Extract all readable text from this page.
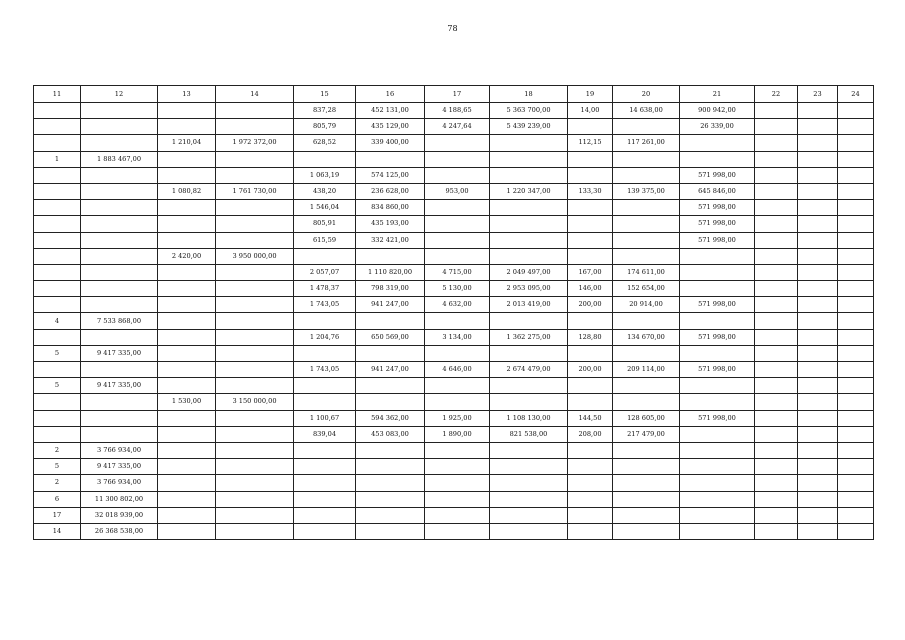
78
11	12	13	14	15	16	17	18	19	20	21	22	23	24
				837,28	452 131,00	4 188,65	5 363 700,00	14,00	14 638,00	900 942,00			
				805,79	435 129,00	4 247,64	5 439 239,00			26 339,00			
		1 210,04	1 972 372,00	628,52	339 400,00			112,15	117 261,00				
1	1 883 467,00												
				1 063,19	574 125,00					571 998,00			
		1 080,82	1 761 730,00	438,20	236 628,00	953,00	1 220 347,00	133,30	139 375,00	645 846,00			
				1 546,04	834 860,00					571 998,00			
				805,91	435 193,00					571 998,00			
				615,59	332 421,00					571 998,00			
		2 420,00	3 950 000,00										
				2 057,07	1 110 820,00	4 715,00	2 049 497,00	167,00	174 611,00				
				1 478,37	798 319,00	5 130,00	2 953 095,00	146,00	152 654,00				
				1 743,05	941 247,00	4 632,00	2 013 419,00	200,00	20 914,00	571 998,00			
4	7 533 868,00												
				1 204,76	650 569,00	3 134,00	1 362 275,00	128,80	134 670,00	571 998,00			
5	9 417 335,00												
				1 743,05	941 247,00	4 646,00	2 674 479,00	200,00	209 114,00	571 998,00			
5	9 417 335,00												
		1 530,00	3 150 000,00										
				1 100,67	594 362,00	1 925,00	1 108 130,00	144,50	128 605,00	571 998,00			
				839,04	453 083,00	1 890,00	821 538,00	208,00	217 479,00				
2	3 766 934,00												
5	9 417 335,00												
2	3 766 934,00												
6	11 300 802,00												
17	32 018 939,00												
14	26 368 538,00												
